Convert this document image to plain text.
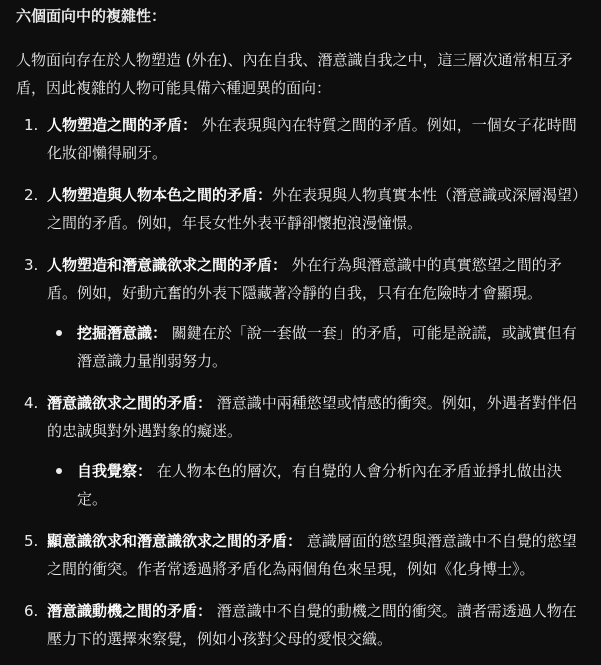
六個面向中的複雜性：
人物面向存在於人物塑造 (外在)、內在自我、潛意識自我之中，這三層次通常相互矛盾，因此複雜的人物可能具備六種迥異的面向：
1. 人物塑造之間的矛盾： 外在表現與內在特質之間的矛盾。例如，一個女子花時間化妝卻懶得刷牙。
2. 人物塑造與人物本色之間的矛盾：外在表現與人物真實本性（潛意識或深層渴望）之間的矛盾。例如，年長女性外表平靜卻懷抱浪漫憧憬。
3. 人物塑造和潛意識欲求之間的矛盾： 外在行為與潛意識中的真實慾望之間的矛盾。例如，好動亢奮的外表下隱藏著冷靜的自我，只有在危險時才會顯現。
挖掘潛意識： 關鍵在於「說一套做一套」的矛盾，可能是說謊，或誠實但有潛意識力量削弱努力。
4. 潛意識欲求之間的矛盾： 潛意識中兩種慾望或情感的衝突。例如，外遇者對伴侶的忠誠與對外遇對象的癡迷。
自我覺察： 在人物本色的層次，有自覺的人會分析內在矛盾並掙扎做出決定。
5. 顯意識欲求和潛意識欲求之間的矛盾： 意識層面的慾望與潛意識中不自覺的慾望之間的衝突。作者常透過將矛盾化為兩個角色來呈現，例如《化身博士》。
6. 潛意識動機之間的矛盾： 潛意識中不自覺的動機之間的衝突。讀者需透過人物在壓力下的選擇來察覺，例如小孩對父母的愛恨交織。
